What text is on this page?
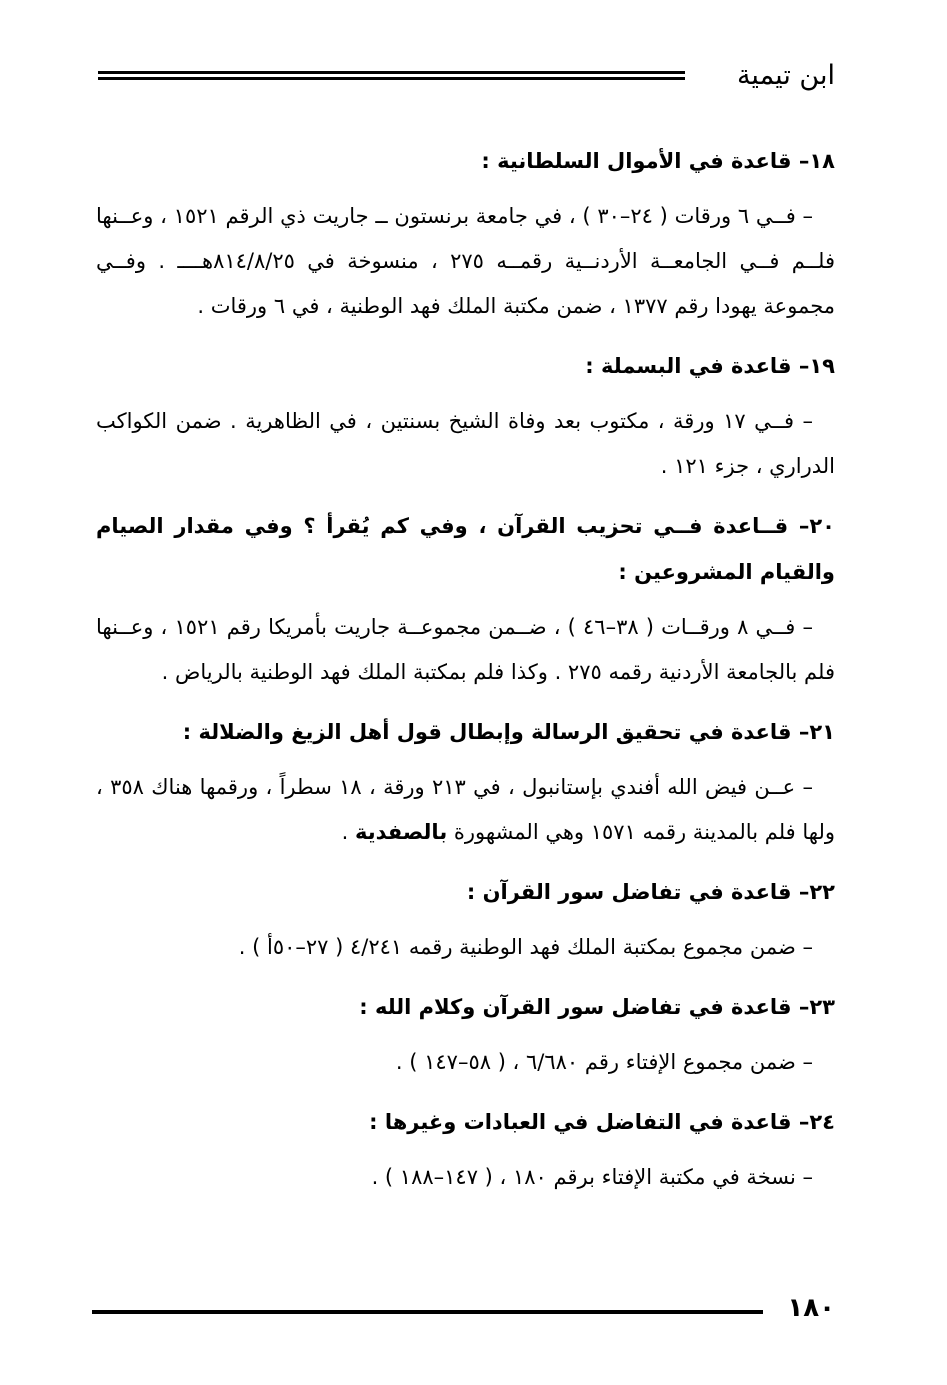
ابن تيمية

١٨– قاعدة في الأموال السلطانية :

– فــي ٦ ورقات ( ٢٤–٣٠ ) ، في جامعة برنستون ــ جاريت ذي الرقم ١٥٢١ ، وعــنها فلــم فــي الجامعــة الأردنــية رقمــه ٢٧٥ ، منسوخة في ٨١٤/٨/٢٥هــــ . وفــي مجموعة يهودا رقم ١٣٧٧ ، ضمن مكتبة الملك فهد الوطنية ، في ٦ ورقات .

١٩– قاعدة في البسملة :

– فــي ١٧ ورقة ، مكتوب بعد وفاة الشيخ بسنتين ، في الظاهرية . ضمن الكواكب الدراري ، جزء ١٢١ .

٢٠– قــاعدة فــي تحزيب القرآن ، وفي كم يُقرأ ؟ وفي مقدار الصيام والقيام المشروعين :

– فــي ٨ ورقــات ( ٣٨–٤٦ ) ، ضــمن مجموعــة جاريت بأمريكا رقم ١٥٢١ ، وعــنها فلم بالجامعة الأردنية رقمه ٢٧٥ . وكذا فلم بمكتبة الملك فهد الوطنية بالرياض .

٢١– قاعدة في تحقيق الرسالة وإبطال قول أهل الزيغ والضلالة :

– عــن فيض الله أفندي بإستانبول ، في ٢١٣ ورقة ، ١٨ سطراً ، ورقمها هناك ٣٥٨ ، ولها فلم بالمدينة رقمه ١٥٧١ وهي المشهورة بالصفدية .

٢٢– قاعدة في تفاضل سور القرآن :

– ضمن مجموع بمكتبة الملك فهد الوطنية رقمه ٤/٢٤١ ( ٢٧–٥٠أ ) .

٢٣– قاعدة في تفاضل سور القرآن وكلام الله :

– ضمن مجموع الإفتاء رقم ٦/٦٨٠ ، ( ٥٨–١٤٧ ) .

٢٤– قاعدة في التفاضل في العبادات وغيرها :

– نسخة في مكتبة الإفتاء برقم ١٨٠ ، ( ١٤٧–١٨٨ ) .

١٨٠
